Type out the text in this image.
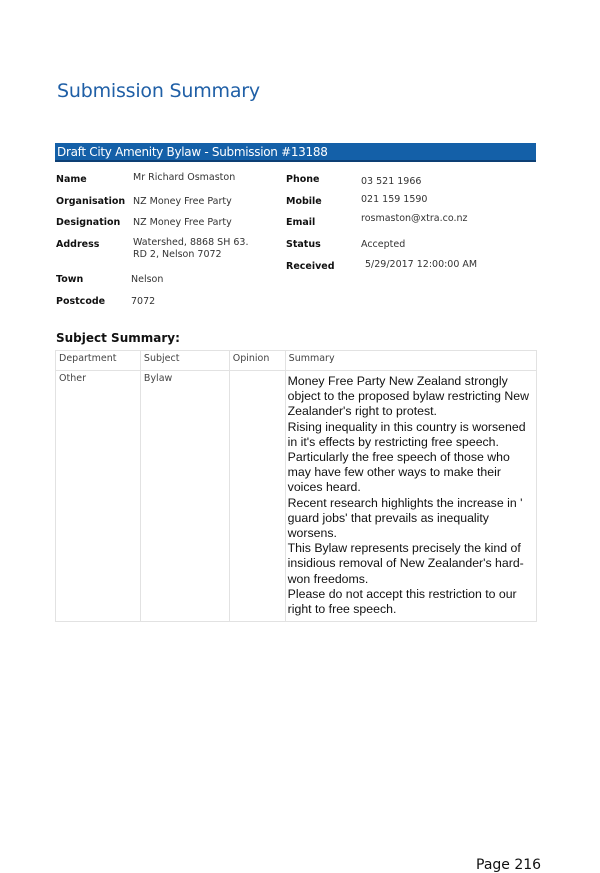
Submission Summary
Draft City Amenity Bylaw - Submission #13188
Name	Mr Richard Osmaston
Organisation NZ Money Free Party
Designation NZ Money Free Party
Address	Watershed, 8868 SH 63.
RD 2, Nelson 7072
Town	Nelson
Postcode	7072
Phone	03 521 1966
Mobile	021 159 1590
Email	rosmaston@xtra.co.nz
Status	Accepted
Received	5/29/2017 12:00:00 AM
Subject Summary:
Department	Subject	Opinion	Summary
Other	Bylaw		Money Free Party New Zealand strongly object to the proposed bylaw restricting New Zealander's right to protest.
Rising inequality in this country is worsened in it's effects by restricting free speech. Particularly the free speech of those who may have few other ways to make their voices heard.
Recent research highlights the increase in ' guard jobs' that prevails as inequality worsens.
This Bylaw represents precisely the kind of insidious removal of New Zealander's hard-won freedoms.
Please do not accept this restriction to our right to free speech.
Page 216
